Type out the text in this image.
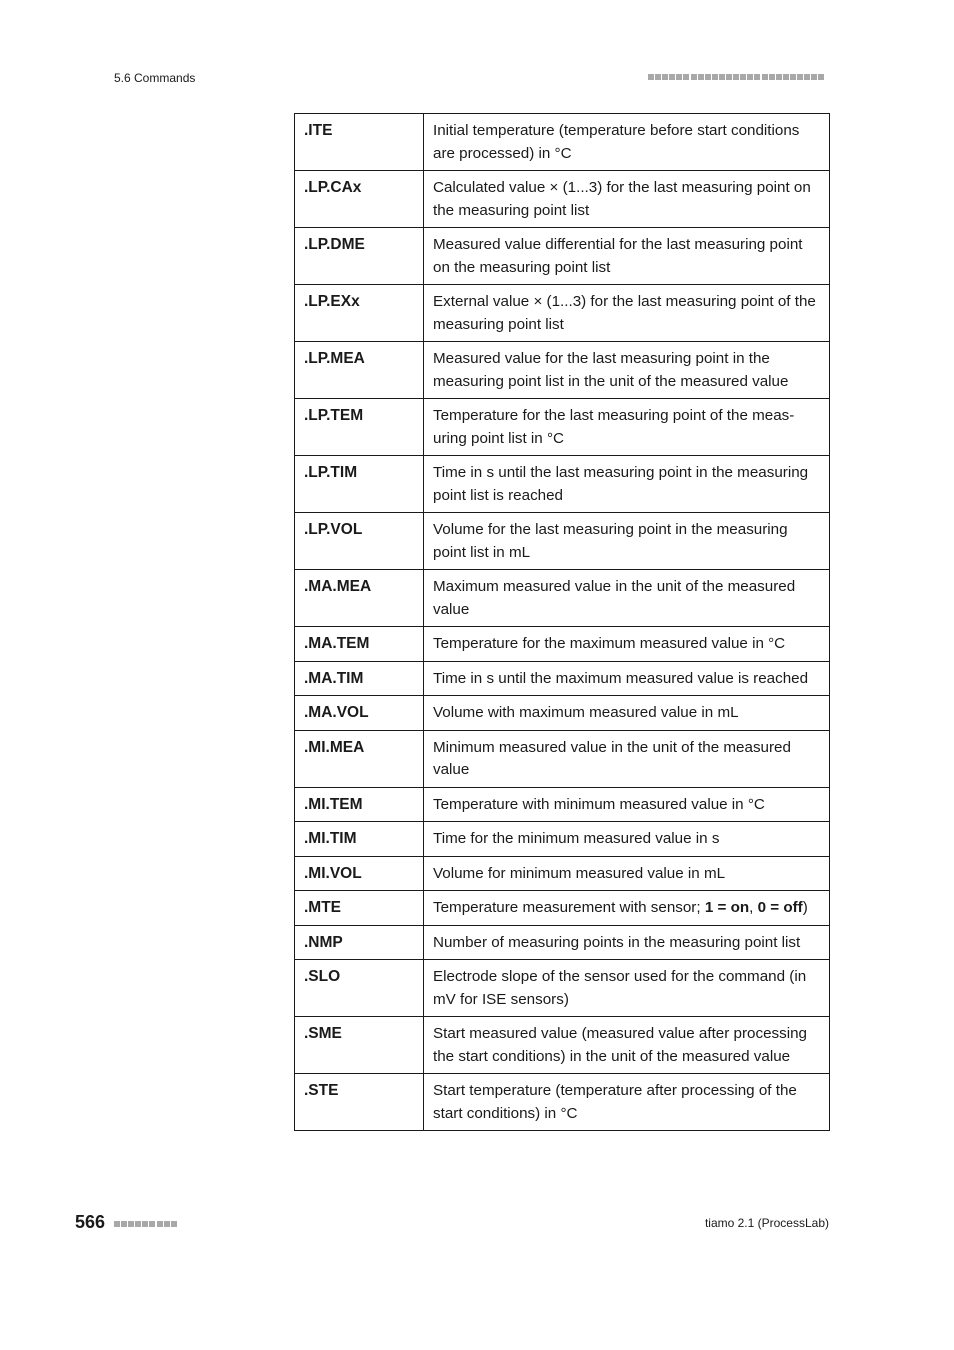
5.6 Commands
.ITE	Initial temperature (temperature before start conditions are processed) in °C
.LP.CAx	Calculated value × (1...3) for the last measuring point on the measuring point list
.LP.DME	Measured value differential for the last measuring point on the measuring point list
.LP.EXx	External value × (1...3) for the last measuring point of the measuring point list
.LP.MEA	Measured value for the last measuring point in the measuring point list in the unit of the measured value
.LP.TEM	Temperature for the last measuring point of the meas-uring point list in °C
.LP.TIM	Time in s until the last measuring point in the measuring point list is reached
.LP.VOL	Volume for the last measuring point in the measuring point list in mL
.MA.MEA	Maximum measured value in the unit of the measured value
.MA.TEM	Temperature for the maximum measured value in °C
.MA.TIM	Time in s until the maximum measured value is reached
.MA.VOL	Volume with maximum measured value in mL
.MI.MEA	Minimum measured value in the unit of the measured value
.MI.TEM	Temperature with minimum measured value in °C
.MI.TIM	Time for the minimum measured value in s
.MI.VOL	Volume for minimum measured value in mL
.MTE	Temperature measurement with sensor; 1 = on, 0 = off)
.NMP	Number of measuring points in the measuring point list
.SLO	Electrode slope of the sensor used for the command (in mV for ISE sensors)
.SME	Start measured value (measured value after processing the start conditions) in the unit of the measured value
.STE	Start temperature (temperature after processing of the start conditions) in °C
566	tiamo 2.1 (ProcessLab)
